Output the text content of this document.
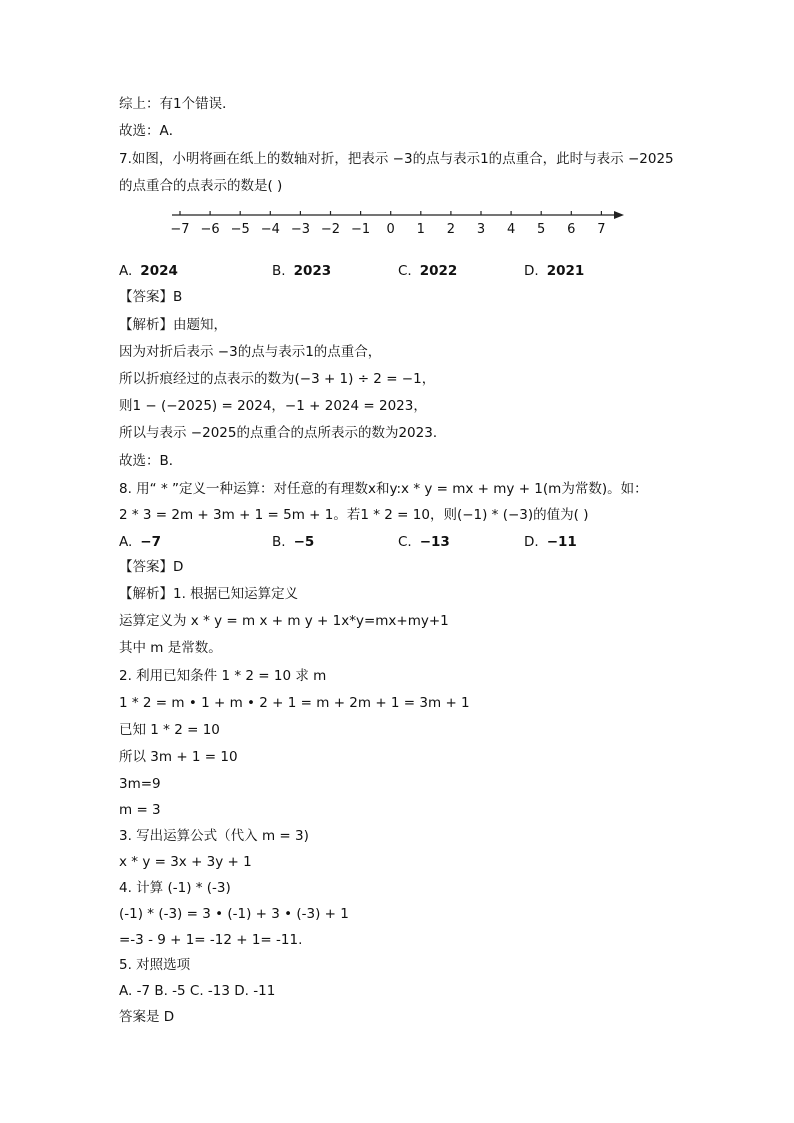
综上：有1个错误．
故选：A．
7.如图，小明将画在纸上的数轴对折，把表示 −3的点与表示1的点重合，此时与表示 −2025
的点重合的点表示的数是( )
−7 −6 −5 −4 −3 −2 −1 0 1 2 3 4 5 6 7
A. 2024	B. 2023	C. 2022	D. 2021
【答案】B
【解析】由题知，
因为对折后表示 −3的点与表示1的点重合，
所以折痕经过的点表示的数为(−3 + 1) ÷ 2 = −1，
则1 − (−2025) = 2024，−1 + 2024 = 2023，
所以与表示 −2025的点重合的点所表示的数为2023．
故选：B．
8. 用“ * ”定义一种运算：对任意的有理数x和y:x * y = mx + my + 1(m为常数)。如：
2 * 3 = 2m + 3m + 1 = 5m + 1。若1 * 2 = 10，则(−1) * (−3)的值为( )
A. −7	B. −5	C. −13	D. −11
【答案】D
【解析】1. 根据已知运算定义
运算定义为 x * y = m x + m y + 1x*y=mx+my+1
其中 m 是常数。
2. 利用已知条件 1 * 2 = 10 求 m
1 * 2 = m • 1 + m • 2 + 1 = m + 2m + 1 = 3m + 1
已知 1 * 2 = 10
所以 3m + 1 = 10
3m=9
m = 3
3. 写出运算公式（代入 m = 3)
x * y = 3x + 3y + 1
4. 计算 (-1) * (-3)
(-1) * (-3) = 3 • (-1) + 3 • (-3) + 1
=-3 - 9 + 1= -12 + 1= -11.
5. 对照选项
A. -7 B. -5 C. -13 D. -11
答案是 D
